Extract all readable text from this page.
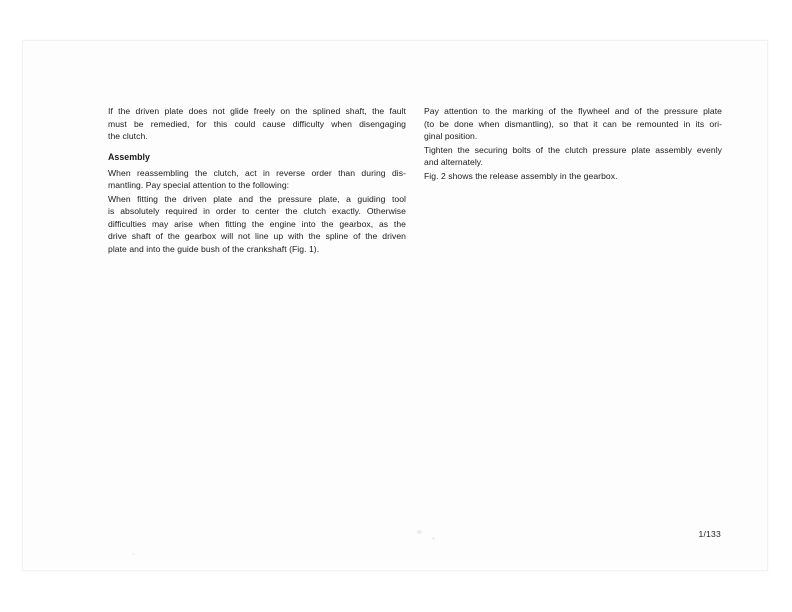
If the driven plate does not glide freely on the splined shaft, the fault
must be remedied, for this could cause difficulty when disengaging
the clutch.
Assembly
When reassembling the clutch, act in reverse order than during dis-
mantling. Pay special attention to the following:
When fitting the driven plate and the pressure plate, a guiding tool
is absolutely required in order to center the clutch exactly. Otherwise
difficulties may arise when fitting the engine into the gearbox, as the
drive shaft of the gearbox will not line up with the spline of the driven
plate and into the guide bush of the crankshaft (Fig. 1).
Pay attention to the marking of the flywheel and of the pressure plate
(to be done when dismantling), so that it can be remounted in its ori-
ginal position.
Tighten the securing bolts of the clutch pressure plate assembly evenly
and alternately.
Fig. 2 shows the release assembly in the gearbox.
1/133
